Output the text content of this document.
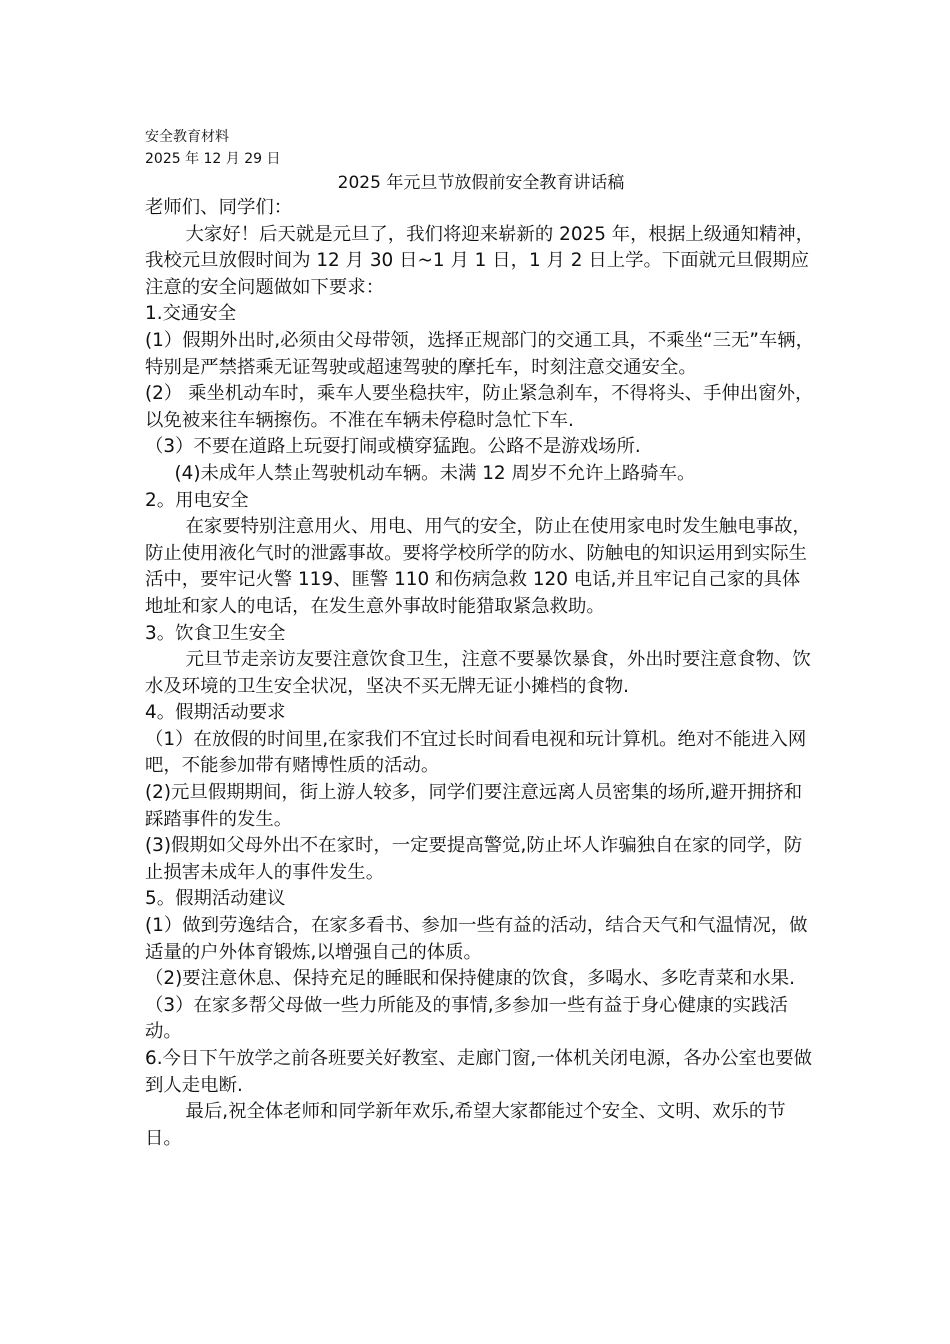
安全教育材料
2025 年 12 月 29 日
2025 年元旦节放假前安全教育讲话稿

老师们、同学们：

大家好！后天就是元旦了，我们将迎来崭新的 2025 年，根据上级通知精神，我校元旦放假时间为 12 月 30 日~1 月 1 日，1 月 2 日上学。下面就元旦假期应注意的安全问题做如下要求：

1.交通安全

(1）假期外出时,必须由父母带领，选择正规部门的交通工具，不乘坐“三无”车辆，特别是严禁搭乘无证驾驶或超速驾驶的摩托车，时刻注意交通安全。

(2） 乘坐机动车时，乘车人要坐稳扶牢，防止紧急刹车，不得将头、手伸出窗外，以免被来往车辆擦伤。不准在车辆未停稳时急忙下车.

（3）不要在道路上玩耍打闹或横穿猛跑。公路不是游戏场所.

(4)未成年人禁止驾驶机动车辆。未满 12 周岁不允许上路骑车。

2。用电安全

在家要特别注意用火、用电、用气的安全，防止在使用家电时发生触电事故，防止使用液化气时的泄露事故。要将学校所学的防水、防触电的知识运用到实际生活中，要牢记火警 119、匪警 110 和伤病急救 120 电话,并且牢记自己家的具体地址和家人的电话，在发生意外事故时能猎取紧急救助。

3。饮食卫生安全

元旦节走亲访友要注意饮食卫生，注意不要暴饮暴食，外出时要注意食物、饮水及环境的卫生安全状况，坚决不买无牌无证小摊档的食物.

4。假期活动要求

（1）在放假的时间里,在家我们不宜过长时间看电视和玩计算机。绝对不能进入网吧，不能参加带有赌博性质的活动。

(2)元旦假期期间，街上游人较多，同学们要注意远离人员密集的场所,避开拥挤和踩踏事件的发生。

(3)假期如父母外出不在家时，一定要提高警觉,防止坏人诈骗独自在家的同学，防止损害未成年人的事件发生。

5。假期活动建议

(1）做到劳逸结合，在家多看书、参加一些有益的活动，结合天气和气温情况，做适量的户外体育锻炼,以增强自己的体质。

（2)要注意休息、保持充足的睡眠和保持健康的饮食，多喝水、多吃青菜和水果.

（3）在家多帮父母做一些力所能及的事情,多参加一些有益于身心健康的实践活动。

6.今日下午放学之前各班要关好教室、走廊门窗,一体机关闭电源，各办公室也要做到人走电断.

最后,祝全体老师和同学新年欢乐,希望大家都能过个安全、文明、欢乐的节日。
